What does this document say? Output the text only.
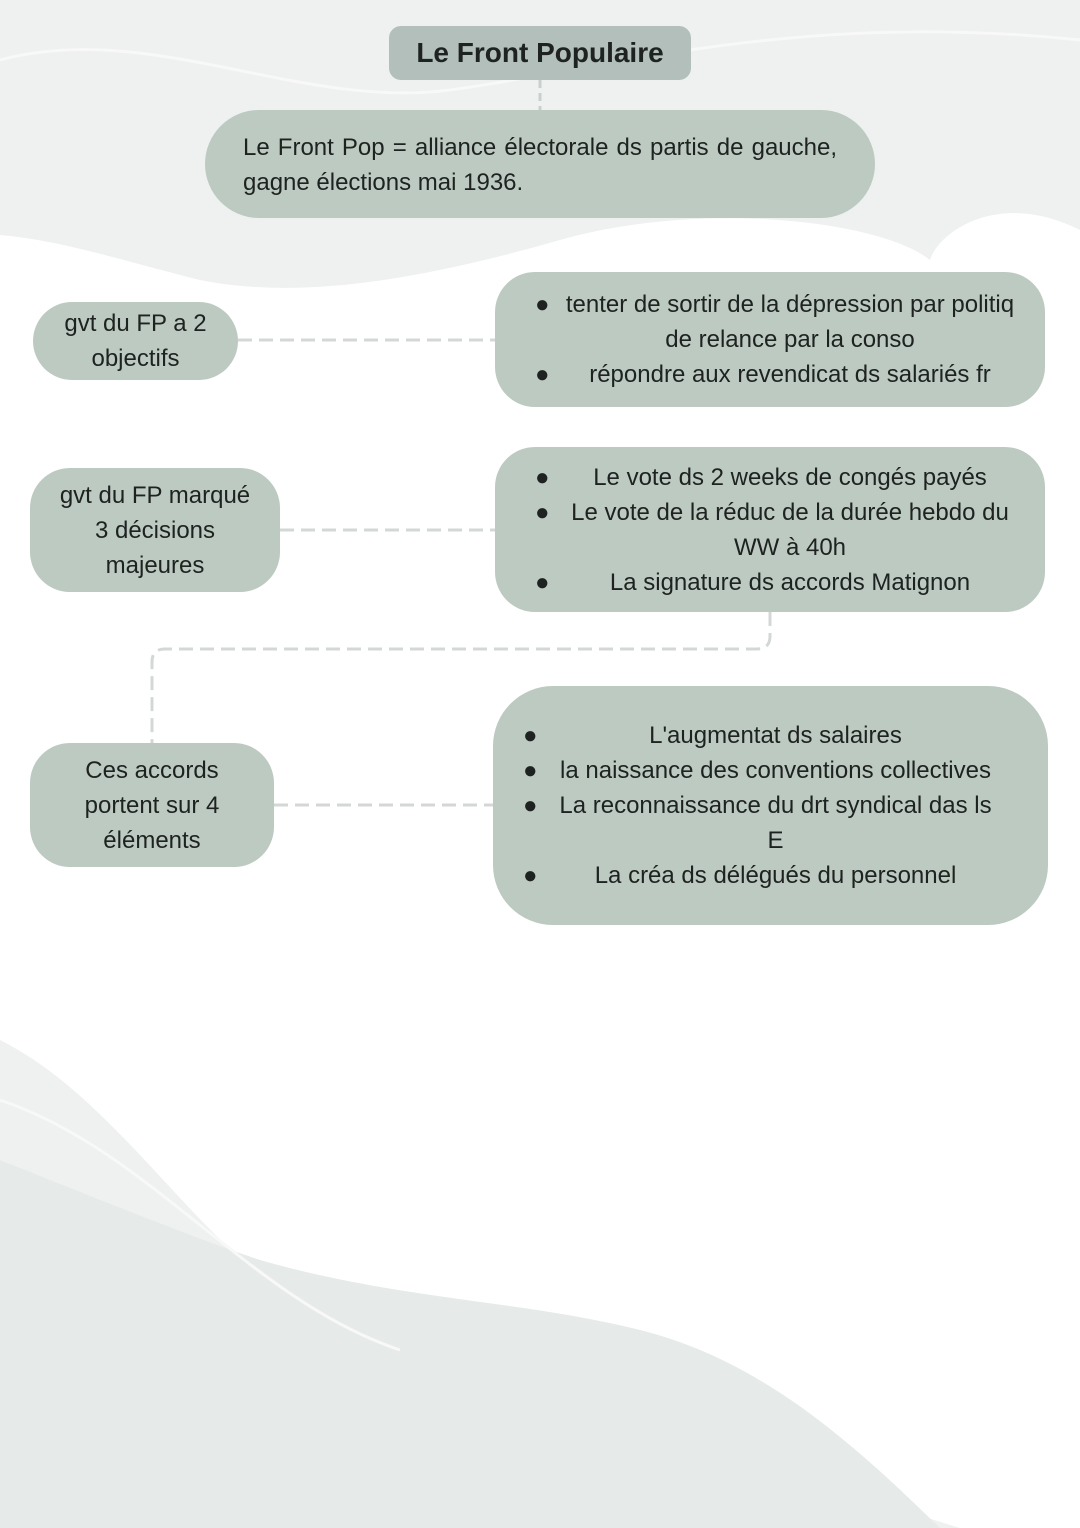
Le Front Populaire
Le Front Pop = alliance électorale ds partis de gauche, gagne élections mai 1936.
gvt du FP a 2 objectifs
● tenter de sortir de la dépression par politiq de relance par la conso
● répondre aux revendicat ds salariés fr
gvt du FP marqué 3 décisions majeures
● Le vote ds 2 weeks de congés payés
● Le vote de la réduc de la durée hebdo du WW à 40h
●	La signature ds accords Matignon
Ces accords portent sur 4 éléments
●	L'augmentat ds salaires
● la naissance des conventions collectives
● La reconnaissance du drt syndical das ls E
● La créa ds délégués du personnel
